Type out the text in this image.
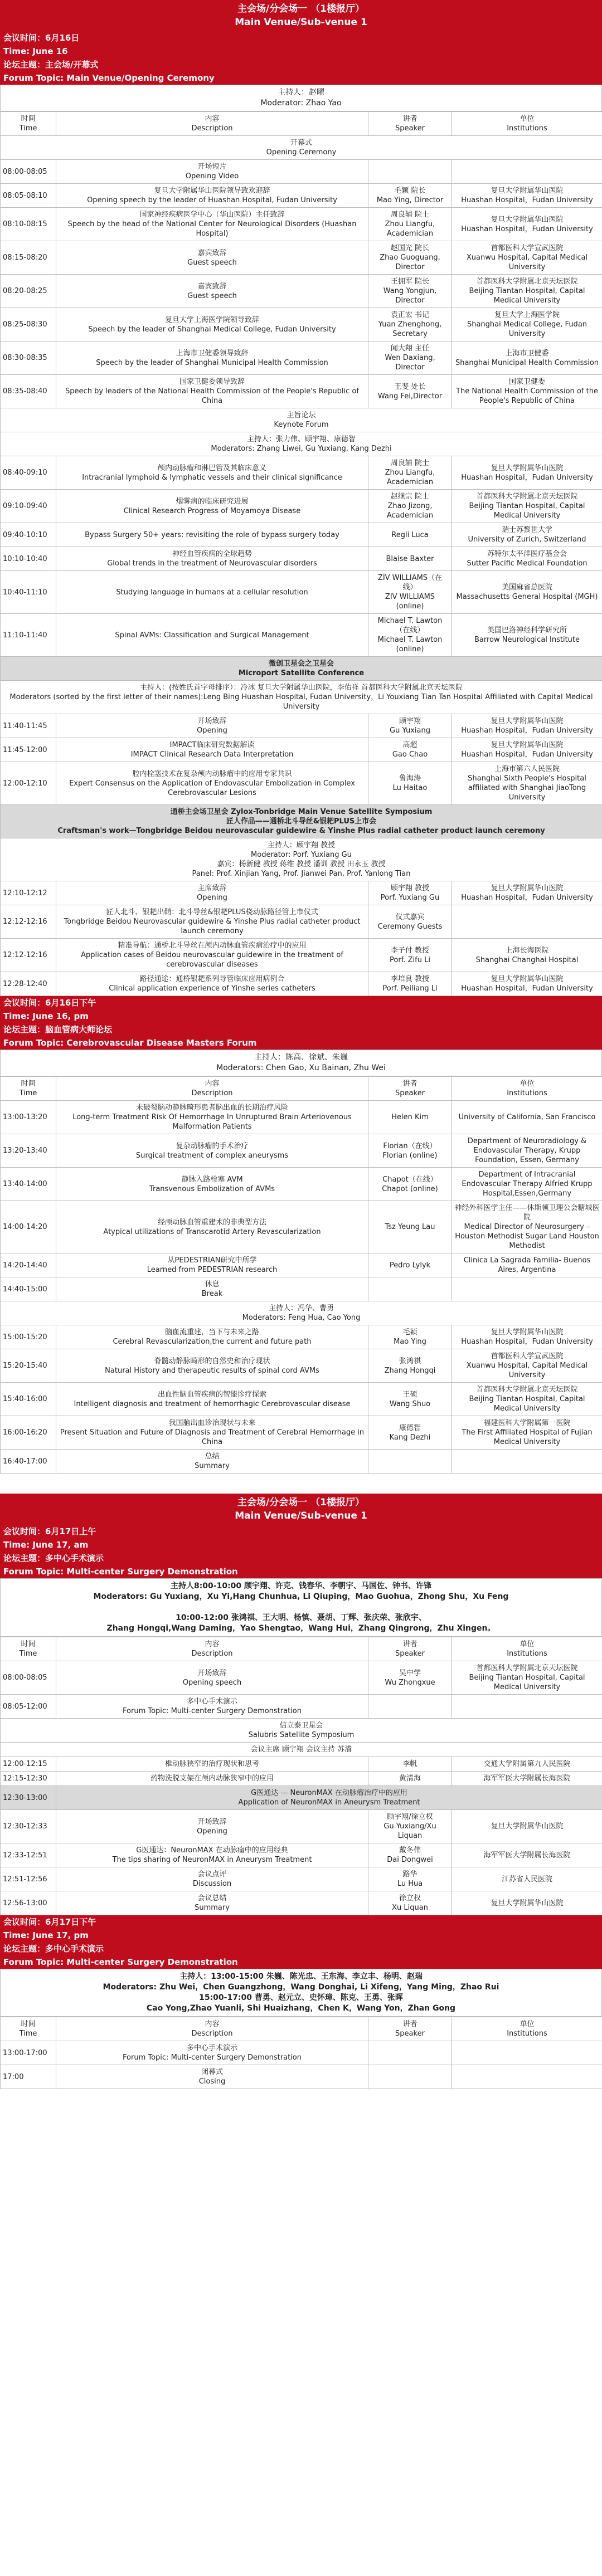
主会场/分会场一 （1楼报厅）
Main Venue/Sub-venue 1
会议时间：6月16日
Time: June 16
论坛主题：主会场/开幕式
Forum Topic: Main Venue/Opening Ceremony
主持人：赵曜
Moderator: Zhao Yao
时间
Time	内容
Description	讲者
Speaker	单位
Institutions
开幕式
Opening Ceremony			
08:00-08:05	开场短片
Opening Video		
08:05-08:10	复旦大学附属华山医院领导致欢迎辞
Opening speech by the leader of Huashan Hospital, Fudan University	毛颖 院长
Mao Ying, Director	复旦大学附属华山医院
Huashan Hospital，Fudan University
08:10-08:15	国家神经疾病医学中心（华山医院）主任致辞
Speech by the head of the National Center for Neurological Disorders (Huashan Hospital)	周良辅 院士
Zhou Liangfu, Academician	复旦大学附属华山医院
Huashan Hospital，Fudan University
08:15-08:20	嘉宾致辞
Guest speech	赵国光 院长
Zhao Guoguang, Director	首都医科大学宣武医院
Xuanwu Hospital, Capital Medical University
08:20-08:25	嘉宾致辞
Guest speech	王拥军 院长
Wang Yongjun, Director	首都医科大学附属北京天坛医院
Beijing Tiantan Hospital, Capital Medical University
08:25-08:30	复旦大学上海医学院领导致辞
Speech by the leader of Shanghai Medical College, Fudan University	袁正宏 书记
Yuan Zhenghong, Secretary	复旦大学上海医学院
Shanghai Medical College, Fudan University
08:30-08:35	上海市卫健委领导致辞
Speech by the leader of Shanghai Municipal Health Commission	闻大翔 主任
Wen Daxiang, Director	上海市卫健委
Shanghai Municipal Health Commission
08:35-08:40	国家卫健委领导致辞
Speech by leaders of the National Health Commission of the People's Republic of China	王斐 处长
Wang Fei,Director	国家卫健委
The National Health Commission of the People's Republic of China
主旨论坛
Keynote Forum			
主持人：张力伟、顾宇翔、康德智
Moderators: Zhang Liwei, Gu Yuxiang, Kang Dezhi			
08:40-09:10	颅内动脉瘤和淋巴管及其临床意义
Intracranial lymphoid & lymphatic vessels and their clinical significance	周良辅 院士
Zhou Liangfu, Academician	复旦大学附属华山医院
Huashan Hospital，Fudan University
09:10-09:40	烟雾病的临床研究进展
Clinical Research Progress of Moyamoya Disease	赵继宗 院士
Zhao Jizong, Academician	首都医科大学附属北京天坛医院
Beijing Tiantan Hospital, Capital Medical University
09:40-10:10	Bypass Surgery 50+ years: revisiting the role of bypass surgery today	Regli Luca	瑞士苏黎世大学
University of Zurich, Switzerland
10:10-10:40	神经血管疾病的全球趋势
Global trends in the treatment of Neurovascular disorders	Blaise Baxter	苏特尔太平洋医疗基金会
Sutter Pacific Medical Foundation
10:40-11:10	Studying language in humans at a cellular resolution	ZIV WILLIAMS（在线）
ZIV WILLIAMS (online)	美国麻省总医院
Massachusetts General Hospital (MGH)
11:10-11:40	Spinal AVMs: Classification and Surgical Management	Michael T. Lawton（在线）
Michael T. Lawton (online)	美国巴洛神经科学研究所
Barrow Neurological Institute
微创卫星会之卫星会
Microport Satellite Conference			
主持人：(按姓氏首字母排序）：冷冰 复旦大学附属华山医院，李佑祥 首都医科大学附属北京天坛医院
Moderators (sorted by the first letter of their names):Leng Bing Huashan Hospital, Fudan University，Li Youxiang Tian Tan Hospital Affiliated with Capital Medical University			
11:40-11:45	开场致辞
Opening	顾宇翔
Gu Yuxiang	复旦大学附属华山医院
Huashan Hospital，Fudan University
11:45-12:00	IMPACT临床研究数据解读
IMPACT Clinical Research Data Interpretation	高超
Gao Chao	复旦大学附属华山医院
Huashan Hospital，Fudan University
12:00-12:10	腔内栓塞技术在复杂颅内动脉瘤中的应用专家共识
Expert Consensus on the Application of Endovascular Embolization in Complex Cerebrovascular Lesions	鲁海涛
Lu Haitao	上海市第六人民医院
Shanghai Sixth People's Hospital affiliated with Shanghai JiaoTong University
通桥主会场卫星会 Zylox-Tonbridge Main Venue Satellite Symposium
匠人作品——通桥北斗导丝&银耙PLUS上市会
Craftsman's work—Tongbridge Beidou neurovascular guidewire & Yinshe Plus radial catheter product launch ceremony			
主持人：顾宇翔 教授
Moderator: Porf. Yuxiang Gu
嘉宾：杨新健 教授 蒋维 教授 潘训 教授 田永玉 教授
Panel: Prof. Xinjian Yang, Prof. Jianwei Pan, Prof. Yanlong Tian			
12:10-12:12	主席致辞
Opening	顾宇翔 教授
Porf. Yuxiang Gu	复旦大学附属华山医院
Huashan Hospital，Fudan University
12:12-12:16	匠人北斗、银耙出鞘：北斗导丝&银耙PLUS桡动脉路径管上市仪式
Tongbridge Beidou Neurovascular guidewire & Yinshe Plus radial catheter product launch ceremony	仪式嘉宾
Ceremony Guests	
12:12-12:16	精准导航：通桥北斗导丝在颅内动脉血管疾病治疗中的应用
Application cases of Beidou neurovascular guidewire in the treatment of cerebrovascular diseases	李子付 教授
Porf. Zifu Li	上海长海医院
Shanghai Changhai Hospital
12:28-12:40	路径通途：通桥银耙系列导管临床应用病例合
Clinical application experience of Yinshe series catheters	李培良 教授
Porf. Peiliang Li	复旦大学附属华山医院
Huashan Hospital，Fudan University
会议时间：6月16日下午
Time: June 16, pm
论坛主题：脑血管病大师论坛
Forum Topic: Cerebrovascular Disease Masters Forum
主持人：陈高、徐斌、朱巍
Moderators: Chen Gao, Xu Bainan, Zhu Wei
时间
Time	内容
Description	讲者
Speaker	单位
Institutions
13:00-13:20	未破裂脑动静脉畸形患者脑出血的长期治疗风险
Long-term Treatment Risk Of Hemorrhage In Unruptured Brain Arteriovenous Malformation Patients	Helen Kim	University of California, San Francisco
13:20-13:40	复杂动脉瘤的手术治疗
Surgical treatment of complex aneurysms	Florian（在线）
Florian (online)	Department of Neuroradiology & Endovascular Therapy, Krupp Foundation, Essen, Germany
13:40-14:00	静脉入路栓塞 AVM
Transvenous Embolization of AVMs	Chapot（在线）
Chapot (online)	Department of Intracranial Endovascular Therapy Alfried Krupp Hospital,Essen,Germany
14:00-14:20	经颅动脉血管重建术的非典型方法
Atypical utilizations of Transcarotid Artery Revascularization	Tsz Yeung Lau	神经外科医学主任——休斯顿卫理公会糖城医院
Medical Director of Neurosurgery – Houston Methodist Sugar Land Houston Methodist
14:20-14:40	从PEDESTRIAN研究中所学
Learned from PEDESTRIAN research	Pedro Lylyk	Clinica La Sagrada Familia- Buenos Aires, Argentina
14:40-15:00	休息
Break		
主持人：冯华、曹勇
Moderators: Feng Hua, Cao Yong			
15:00-15:20	脑血流重建，当下与未来之路
Cerebral Revascularization,the current and future path	毛颖
Mao Ying	复旦大学附属华山医院
Huashan Hospital，Fudan University
15:20-15:40	脊髓动静脉畸形的自然史和治疗现状
Natural History and therapeutic results of spinal cord AVMs	张鸿祺
Zhang Hongqi	首都医科大学宣武医院
Xuanwu Hospital, Capital Medical University
15:40-16:00	出血性脑血管疾病的智能诊疗探索
Intelligent diagnosis and treatment of hemorrhagic Cerebrovascular disease	王硕
Wang Shuo	首都医科大学附属北京天坛医院
Beijing Tiantan Hospital, Capital Medical University
16:00-16:20	我国脑出血诊治现状与未来
Present Situation and Future of Diagnosis and Treatment of Cerebral Hemorrhage in China	康德智
Kang Dezhi	福建医科大学附属第一医院
The First Affiliated Hospital of Fujian Medical University
16:40-17:00	总结
Summary		
主会场/分会场一 （1楼报厅）
Main Venue/Sub-venue 1
会议时间：6月17日上午
Time: June 17, am
论坛主题：多中心手术演示
Forum Topic: Multi-center Surgery Demonstration
主持人8:00-10:00 顾宇翔、许克、钱春华、李朝宇、马国佐、钟书、许锋
Moderators: Gu Yuxiang，Xu Yi,Hang Chunhua, Li Qiuping，Mao Guohua，Zhong Shu，Xu Feng

10:00-12:00 张鸿祺、王大明、杨慎、聂胡、丁辉、张庆荣、张欣宇、
Zhang Hongqi,Wang Daming，Yao Shengtao，Wang Hui，Zhang Qingrong，Zhu Xingen。
时间
Time	内容
Description	讲者
Speaker	单位
Institutions
08:00-08:05	开场致辞
Opening speech	吴中学
Wu Zhongxue	首都医科大学附属北京天坛医院
Beijing Tiantan Hospital, Capital Medical University
08:05-12:00	多中心手术演示
Forum Topic: Multi-center Surgery Demonstration		
信立泰卫星会
Salubris Satellite Symposium			
会议主席 顾宇翔 会议主持 苏瀁			
12:00-12:15	椎动脉狭窄的治疗现状和思考	李帆	交通大学附属第九人民医院
12:15-12:30	药物洗脱支架在颅内动脉狭窄中的应用	黄清海	海军军医大学附属长海医院
12:30-13:00	G医通达 — NeuronMAX 在动脉瘤治疗中的应用
Application of NeuronMAX in Aneurysm Treatment		
12:30-12:33	开场致辞
Opening	顾宇翔/徐立权
Gu Yuxiang/Xu Liquan	复旦大学附属华山医院
12:33-12:51	G医通达：NeuronMAX 在动脉瘤中的应用经典
The tips sharing of NeuronMAX in Aneurysm Treatment	戴冬伟
Dai Dongwei	海军军医大学附属长海医院
12:51-12:56	会议点评
Discussion	路华
Lu Hua	江苏省人民医院
12:56-13:00	会议总结
Summary	徐立权
Xu Liquan	复旦大学附属华山医院
会议时间：6月17日下午
Time: June 17, pm
论坛主题：多中心手术演示
Forum Topic: Multi-center Surgery Demonstration
主持人：13:00-15:00 朱巍、陈光忠、王东海、李立丰、杨明、赵瑞
Moderators: Zhu Wei，Chen Guangzhong，Wang Donghai, Li Xifeng，Yang Ming，Zhao Rui
15:00-17:00 曹勇、赵元立、史怀璋、陈克、王勇、张晖
Cao Yong,Zhao Yuanli, Shi Huaizhang，Chen K，Wang Yon，Zhan Gong
时间
Time	内容
Description	讲者
Speaker	单位
Institutions
13:00-17:00	多中心手术演示
Forum Topic: Multi-center Surgery Demonstration		
17:00	闭幕式
Closing		
